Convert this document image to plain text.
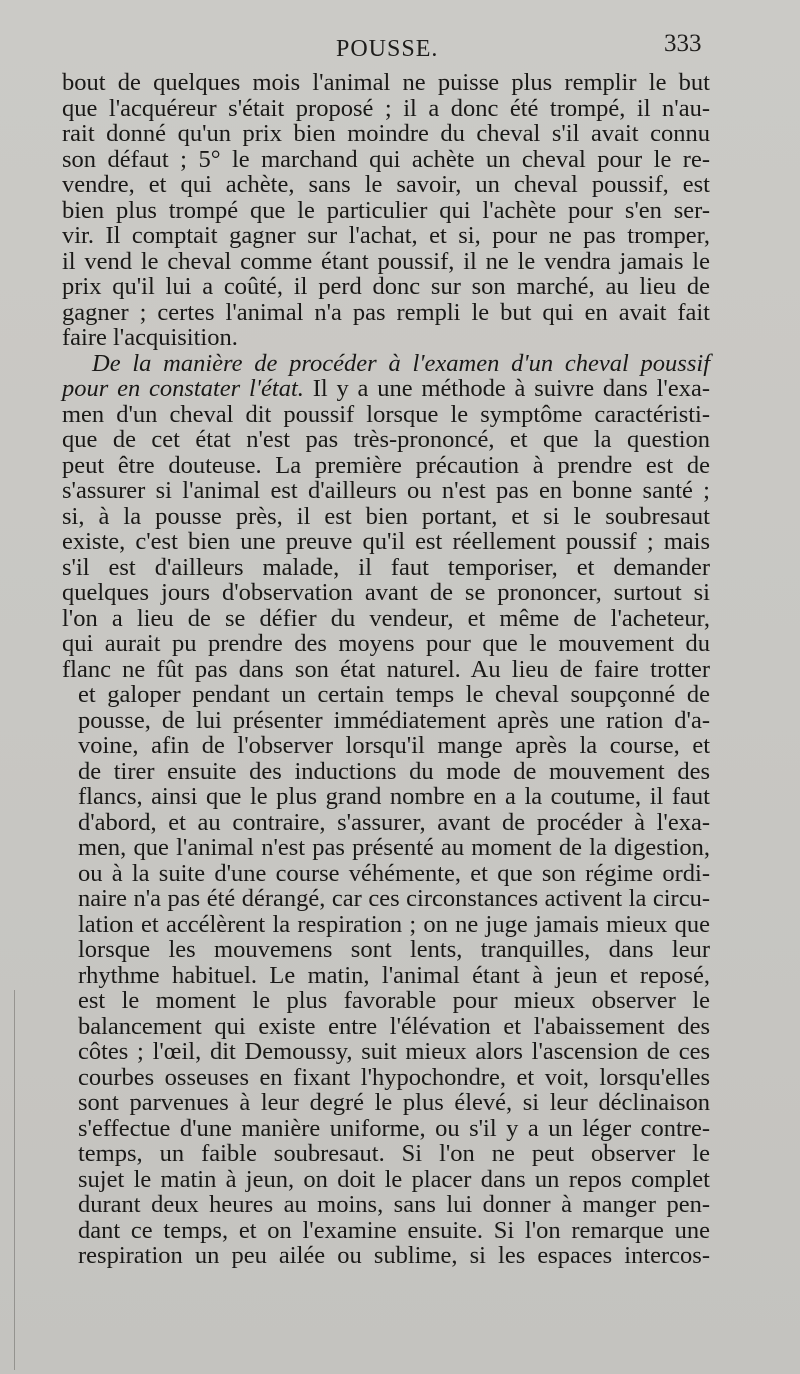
POUSSE.	333
bout de quelques mois l'animal ne puisse plus remplir le but
que l'acquéreur s'était proposé ; il a donc été trompé, il n'au-
rait donné qu'un prix bien moindre du cheval s'il avait connu
son défaut ; 5° le marchand qui achète un cheval pour le re-
vendre, et qui achète, sans le savoir, un cheval poussif, est
bien plus trompé que le particulier qui l'achète pour s'en ser-
vir. Il comptait gagner sur l'achat, et si, pour ne pas tromper,
il vend le cheval comme étant poussif, il ne le vendra jamais le
prix qu'il lui a coûté, il perd donc sur son marché, au lieu de
gagner ; certes l'animal n'a pas rempli le but qui en avait fait
faire l'acquisition.
De la manière de procéder à l'examen d'un cheval poussif
pour en constater l'état. Il y a une méthode à suivre dans l'exa-
men d'un cheval dit poussif lorsque le symptôme caractéristi-
que de cet état n'est pas très-prononcé, et que la question
peut être douteuse. La première précaution à prendre est de
s'assurer si l'animal est d'ailleurs ou n'est pas en bonne santé ;
si, à la pousse près, il est bien portant, et si le soubresaut
existe, c'est bien une preuve qu'il est réellement poussif ; mais
s'il est d'ailleurs malade, il faut temporiser, et demander
quelques jours d'observation avant de se prononcer, surtout si
l'on a lieu de se défier du vendeur, et même de l'acheteur,
qui aurait pu prendre des moyens pour que le mouvement du
flanc ne fût pas dans son état naturel. Au lieu de faire trotter
et galoper pendant un certain temps le cheval soupçonné de
pousse, de lui présenter immédiatement après une ration d'a-
voine, afin de l'observer lorsqu'il mange après la course, et
de tirer ensuite des inductions du mode de mouvement des
flancs, ainsi que le plus grand nombre en a la coutume, il faut
d'abord, et au contraire, s'assurer, avant de procéder à l'exa-
men, que l'animal n'est pas présenté au moment de la digestion,
ou à la suite d'une course véhémente, et que son régime ordi-
naire n'a pas été dérangé, car ces circonstances activent la circu-
lation et accélèrent la respiration ; on ne juge jamais mieux que
lorsque les mouvemens sont lents, tranquilles, dans leur
rhythme habituel. Le matin, l'animal étant à jeun et reposé,
est le moment le plus favorable pour mieux observer le
balancement qui existe entre l'élévation et l'abaissement des
côtes ; l'œil, dit Demoussy, suit mieux alors l'ascension de ces
courbes osseuses en fixant l'hypochondre, et voit, lorsqu'elles
sont parvenues à leur degré le plus élevé, si leur déclinaison
s'effectue d'une manière uniforme, ou s'il y a un léger contre-
temps, un faible soubresaut. Si l'on ne peut observer le
sujet le matin à jeun, on doit le placer dans un repos complet
durant deux heures au moins, sans lui donner à manger pen-
dant ce temps, et on l'examine ensuite. Si l'on remarque une
respiration un peu ailée ou sublime, si les espaces intercos-
